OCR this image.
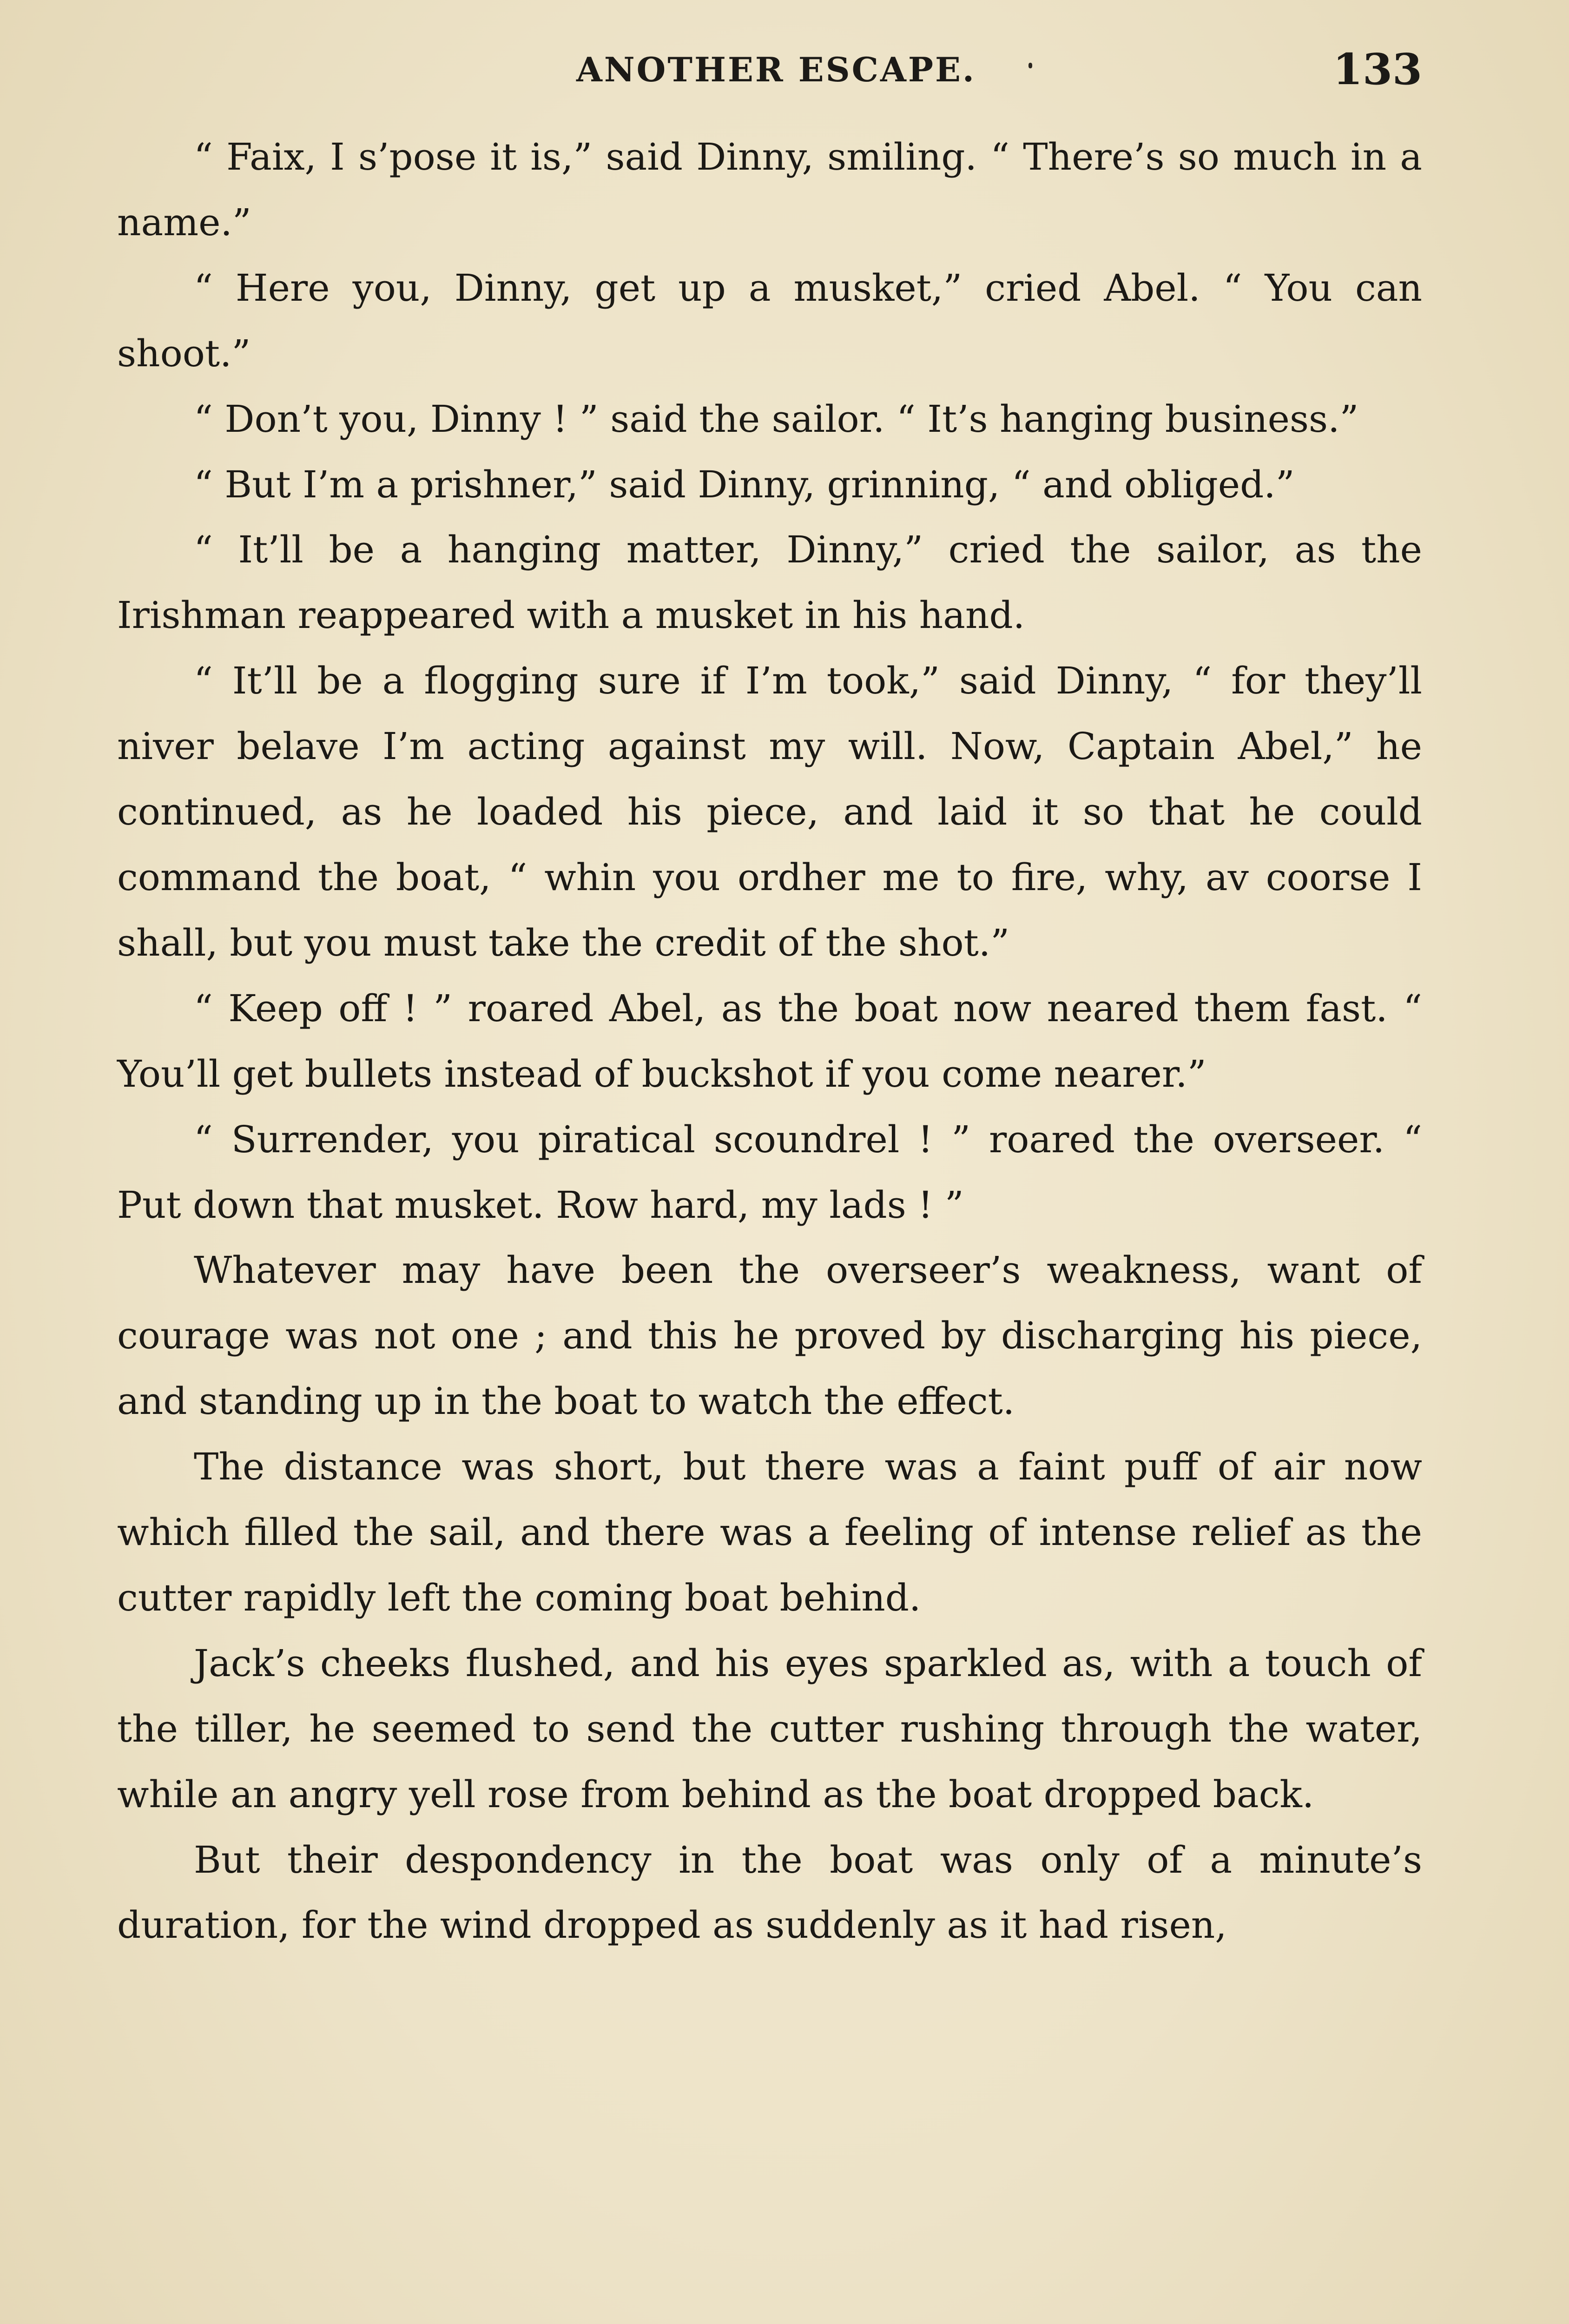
ANOTHER ESCAPE.	133

“ Faix, I s’pose it is,” said Dinny, smiling. “ There’s so much in a name.”

“ Here you, Dinny, get up a musket,” cried Abel. “ You can shoot.”

“ Don’t you, Dinny ! ” said the sailor. “ It’s hanging business.”

“ But I’m a prishner,” said Dinny, grinning, “ and obliged.”

“ It’ll be a hanging matter, Dinny,” cried the sailor, as the Irishman reappeared with a musket in his hand.

“ It’ll be a flogging sure if I’m took,” said Dinny, “ for they’ll niver belave I’m acting against my will. Now, Captain Abel,” he continued, as he loaded his piece, and laid it so that he could command the boat, “ whin you ordher me to fire, why, av coorse I shall, but you must take the credit of the shot.”

“ Keep off ! ” roared Abel, as the boat now neared them fast. “ You’ll get bullets instead of buckshot if you come nearer.”

“ Surrender, you piratical scoundrel ! ” roared the overseer. “ Put down that musket. Row hard, my lads ! ”

Whatever may have been the overseer’s weakness, want of courage was not one ; and this he proved by discharging his piece, and standing up in the boat to watch the effect.

The distance was short, but there was a faint puff of air now which filled the sail, and there was a feeling of intense relief as the cutter rapidly left the coming boat behind.

Jack’s cheeks flushed, and his eyes sparkled as, with a touch of the tiller, he seemed to send the cutter rushing through the water, while an angry yell rose from behind as the boat dropped back.

But their despondency in the boat was only of a minute’s duration, for the wind dropped as suddenly as it had risen,
